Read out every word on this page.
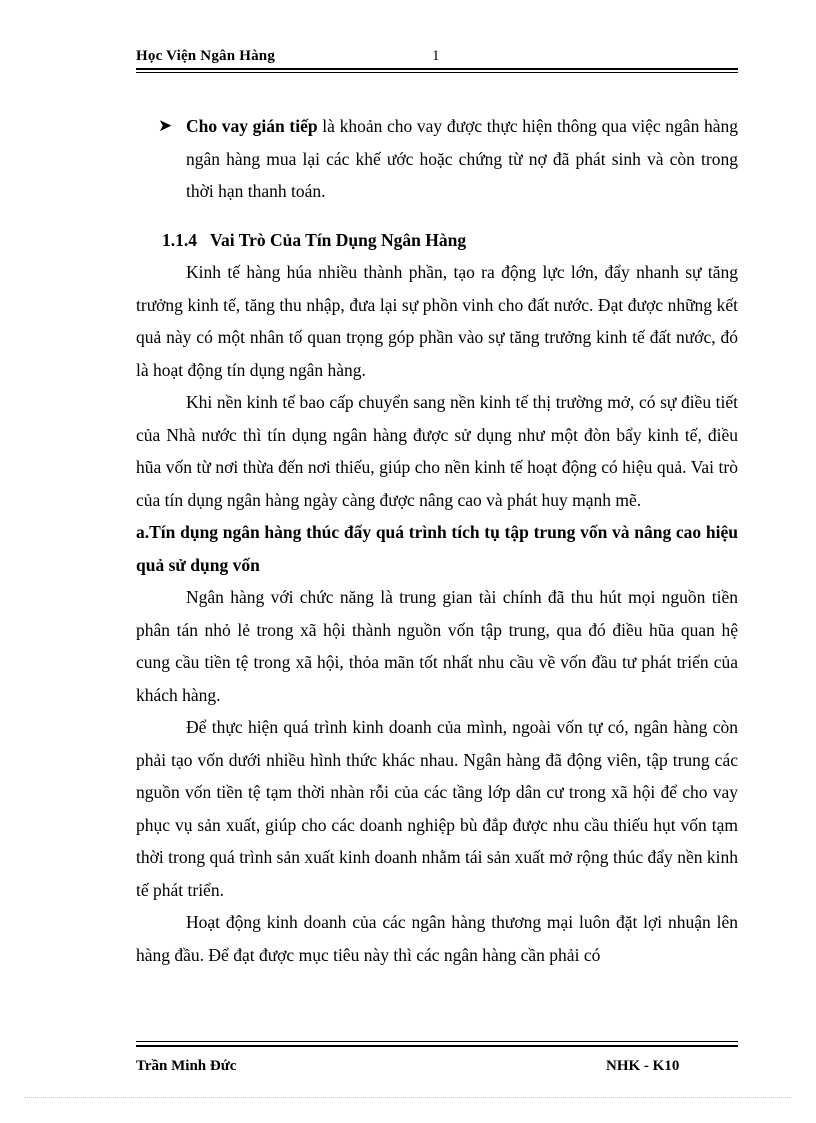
Học Viện Ngân Hàng	1

➤ Cho vay gián tiếp là khoản cho vay được thực hiện thông qua việc ngân hàng ngân hàng mua lại các khế ước hoặc chứng từ nợ đã phát sinh và còn trong thời hạn thanh toán.

1.1.4 Vai Trò Của Tín Dụng Ngân Hàng

Kinh tế hàng húa nhiều thành phần, tạo ra động lực lớn, đẩy nhanh sự tăng trưởng kinh tế, tăng thu nhập, đưa lại sự phồn vinh cho đất nước. Đạt được những kết quả này có một nhân tố quan trọng góp phần vào sự tăng trưởng kinh tế đất nước, đó là hoạt động tín dụng ngân hàng.

Khi nền kinh tế bao cấp chuyển sang nền kinh tế thị trường mở, có sự điều tiết của Nhà nước thì tín dụng ngân hàng được sử dụng như một đòn bẩy kinh tế, điều hũa vốn từ nơi thừa đến nơi thiếu, giúp cho nền kinh tế hoạt động có hiệu quả. Vai trò của tín dụng ngân hàng ngày càng được nâng cao và phát huy mạnh mẽ.

a.Tín dụng ngân hàng thúc đẩy quá trình tích tụ tập trung vốn và nâng cao hiệu quả sử dụng vốn

Ngân hàng với chức năng là trung gian tài chính đã thu hút mọi nguồn tiền phân tán nhỏ lẻ trong xã hội thành nguồn vốn tập trung, qua đó điều hũa quan hệ cung cầu tiền tệ trong xã hội, thỏa mãn tốt nhất nhu cầu về vốn đầu tư phát triển của khách hàng.

Để thực hiện quá trình kinh doanh của mình, ngoài vốn tự có, ngân hàng còn phải tạo vốn dưới nhiều hình thức khác nhau. Ngân hàng đã động viên, tập trung các nguồn vốn tiền tệ tạm thời nhàn rỗi của các tầng lớp dân cư trong xã hội để cho vay phục vụ sản xuất, giúp cho các doanh nghiệp bù đắp được nhu cầu thiếu hụt vốn tạm thời trong quá trình sản xuất kinh doanh nhằm tái sản xuất mở rộng thúc đẩy nền kinh tế phát triển.

Hoạt động kinh doanh của các ngân hàng thương mại luôn đặt lợi nhuận lên hàng đầu. Để đạt được mục tiêu này thì các ngân hàng cần phải có

Trần Minh Đức	NHK - K10
